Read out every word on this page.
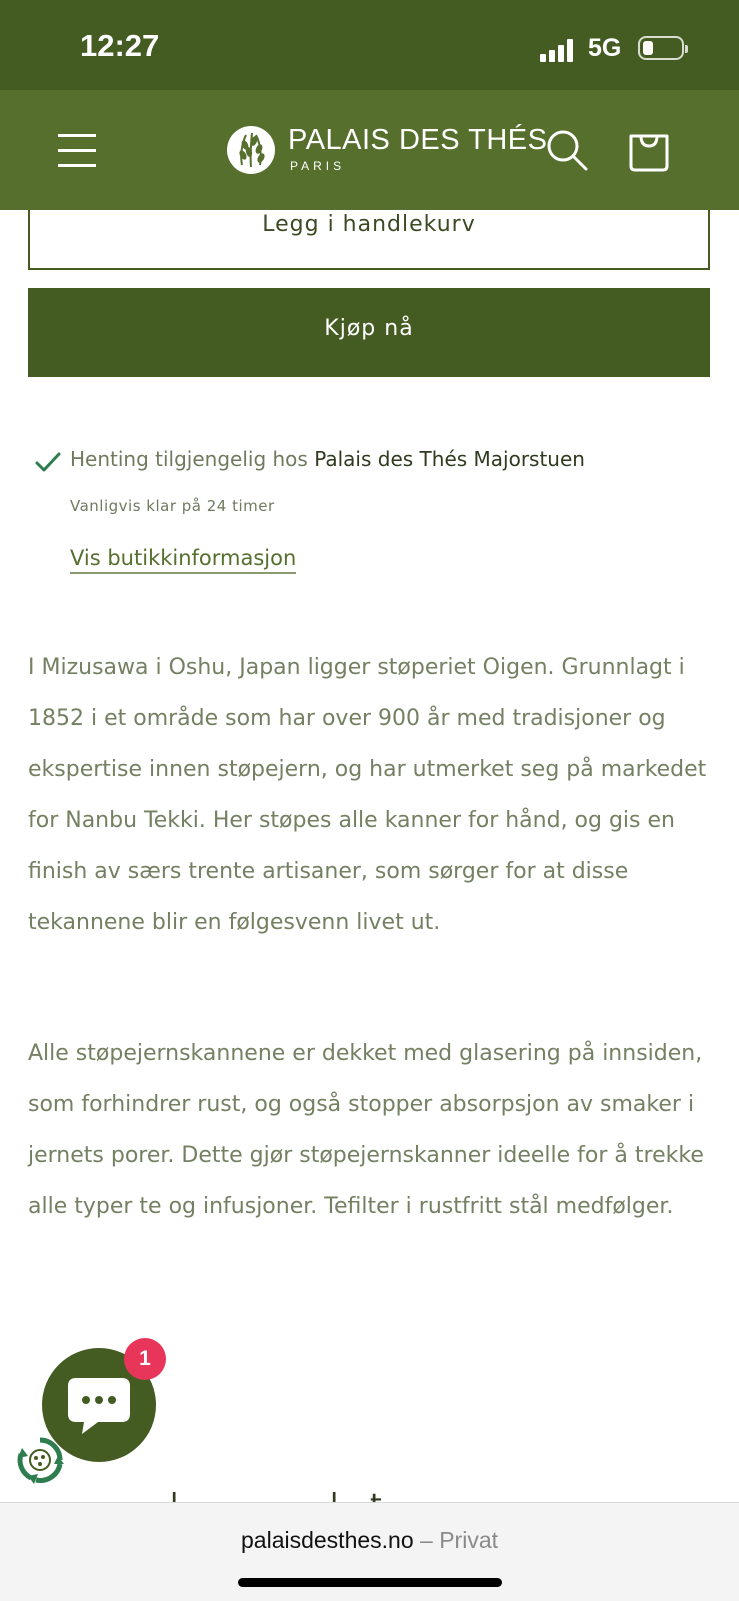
12:27	5G
Legg i handlekurv
PALAIS DES THÉS
PARIS
Kjøp nå
Henting tilgjengelig hos Palais des Thés Majorstuen
Vanligvis klar på 24 timer
Vis butikkinformasjon

I Mizusawa i Oshu, Japan ligger støperiet Oigen. Grunnlagt i 1852 i et område som har over 900 år med tradisjoner og ekspertise innen støpejern, og har utmerket seg på markedet for Nanbu Tekki. Her støpes alle kanner for hånd, og gis en finish av særs trente artisaner, som sørger for at disse tekannene blir en følgesvenn livet ut.

Alle støpejernskannene er dekket med glasering på innsiden, som forhindrer rust, og også stopper absorpsjon av smaker i jernets porer. Dette gjør støpejernskanner ideelle for å trekke alle typer te og infusjoner. Tefilter i rustfritt stål medfølger.

1
palaisdesthes.no – Privat
